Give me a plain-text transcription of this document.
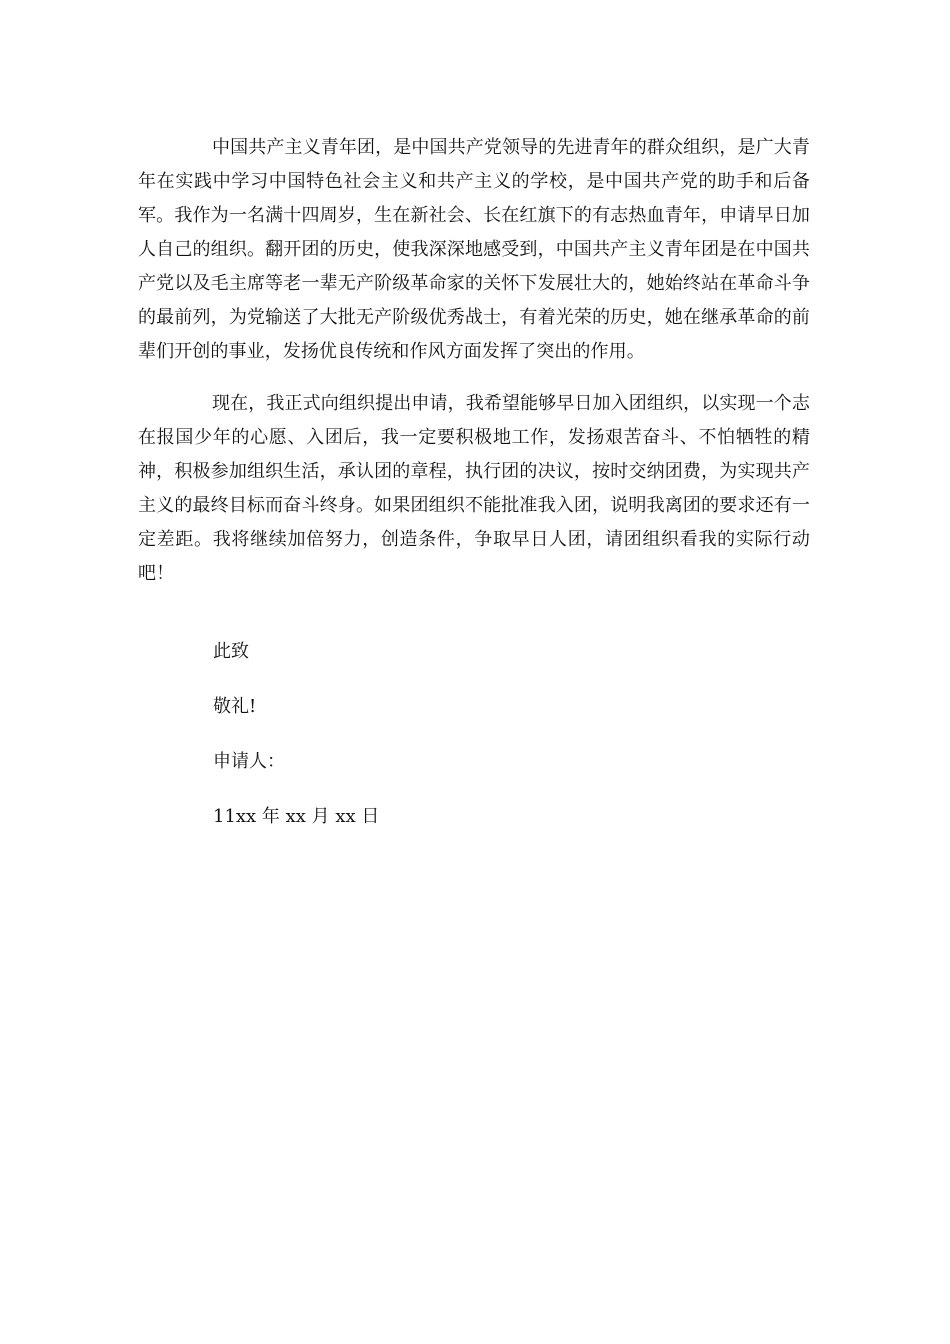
中国共产主义青年团，是中国共产党领导的先进青年的群众组织，是广大青年在实践中学习中国特色社会主义和共产主义的学校，是中国共产党的助手和后备军。我作为一名满十四周岁，生在新社会、长在红旗下的有志热血青年，申请早日加人自己的组织。翻开团的历史，使我深深地感受到，中国共产主义青年团是在中国共产党以及毛主席等老一辈无产阶级革命家的关怀下发展壮大的，她始终站在革命斗争的最前列，为党输送了大批无产阶级优秀战士，有着光荣的历史，她在继承革命的前辈们开创的事业，发扬优良传统和作风方面发挥了突出的作用。

现在，我正式向组织提出申请，我希望能够早日加入团组织，以实现一个志在报国少年的心愿、入团后，我一定要积极地工作，发扬艰苦奋斗、不怕牺牲的精神，积极参加组织生活，承认团的章程，执行团的决议，按时交纳团费，为实现共产主义的最终目标而奋斗终身。如果团组织不能批准我入团，说明我离团的要求还有一定差距。我将继续加倍努力，创造条件，争取早日人团，请团组织看我的实际行动吧！

此致

敬礼!

申请人：

11xx 年 xx 月 xx 日
